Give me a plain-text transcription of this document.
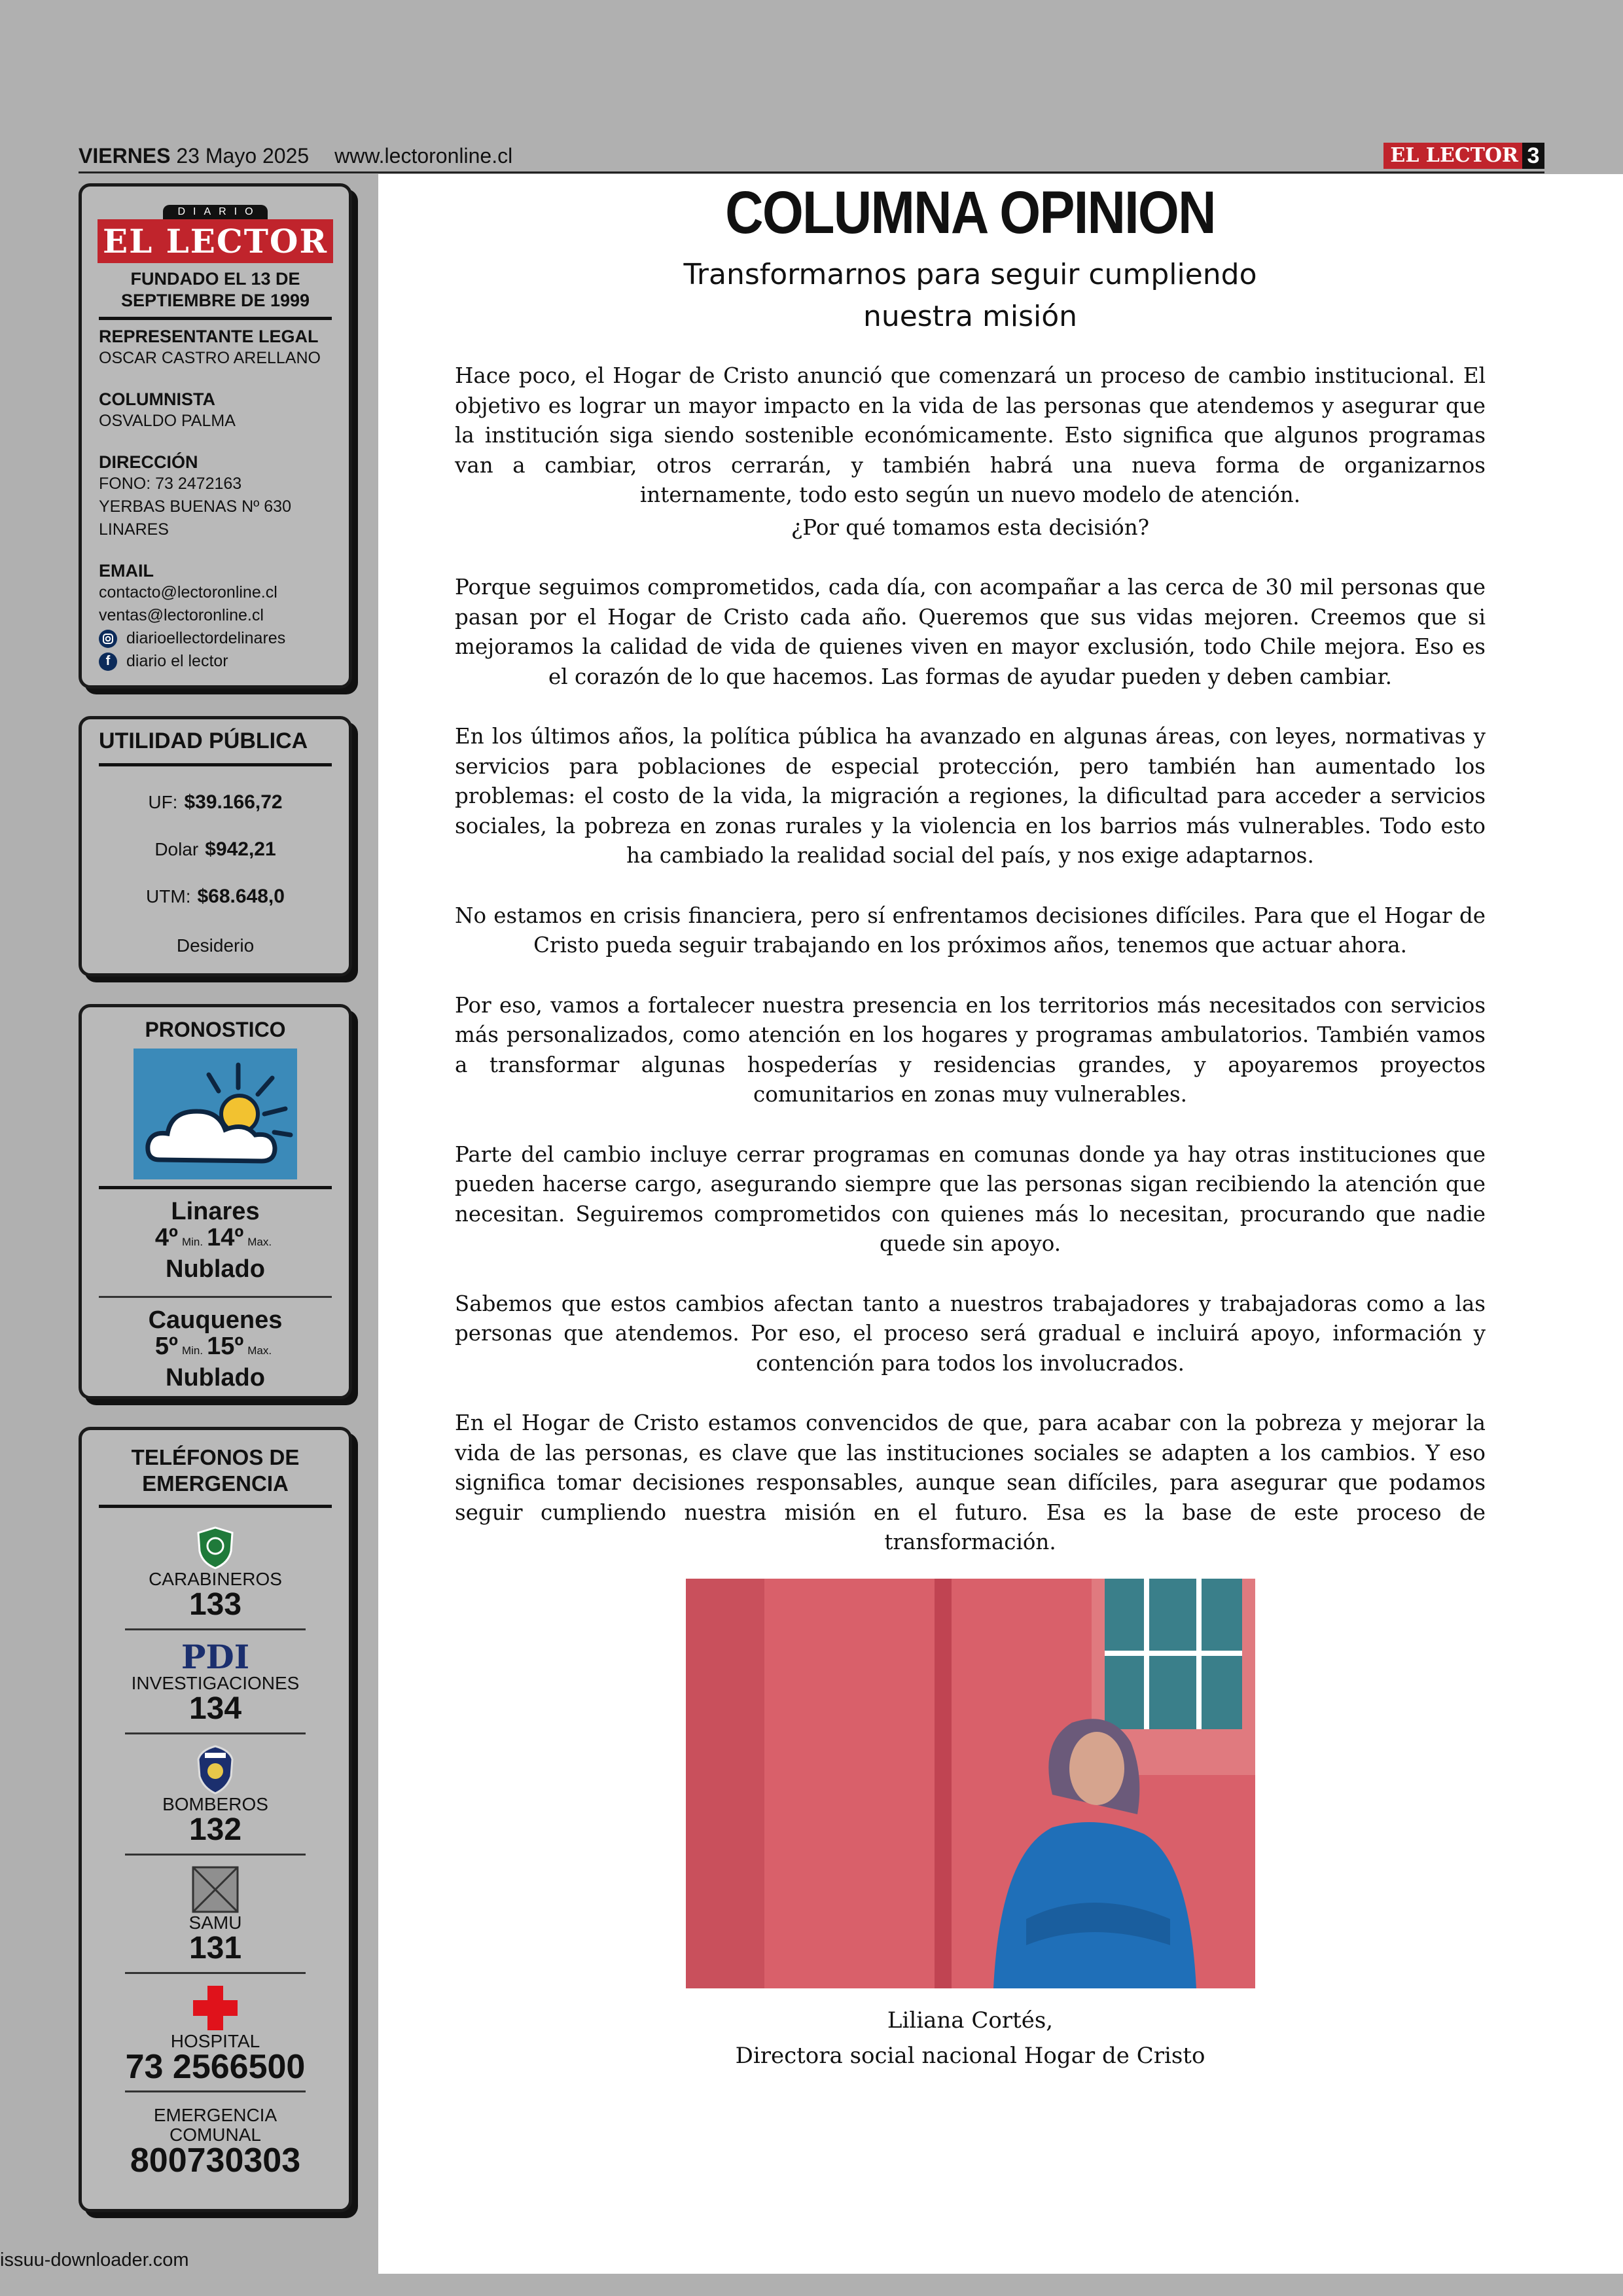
VIERNES 23 Mayo 2025 www.lectoronline.cl	EL LECTOR 3
DIARIO
EL LECTOR
FUNDADO EL 13 DE SEPTIEMBRE DE 1999
REPRESENTANTE LEGAL
OSCAR CASTRO ARELLANO
COLUMNISTA
OSVALDO PALMA
DIRECCIÓN
FONO: 73 2472163
YERBAS BUENAS Nº 630
LINARES
EMAIL
contacto@lectoronline.cl
ventas@lectoronline.cl
diarioellectordelinares
f diario el lector
UTILIDAD PÚBLICA
UF: $39.166,72
Dolar $942,21
UTM: $68.648,0
Desiderio
PRONOSTICO
Linares
4º Min. 14º Max.
Nublado
Cauquenes
5º Min. 15º Max.
Nublado
TELÉFONOS DE EMERGENCIA
CARABINEROS
133
PDI
INVESTIGACIONES
134
BOMBEROS
132
SAMU
131
HOSPITAL
73 2566500
EMERGENCIA COMUNAL
800730303
COLUMNA OPINION
Transformarnos para seguir cumpliendo
nuestra misión

Hace poco, el Hogar de Cristo anunció que comenzará un proceso de cambio institucional. El objetivo es lograr un mayor impacto en la vida de las personas que atendemos y asegurar que la institución siga siendo sostenible económicamente. Esto significa que algunos programas van a cambiar, otros cerrarán, y también habrá una nueva forma de organizarnos internamente, todo esto según un nuevo modelo de atención.

¿Por qué tomamos esta decisión?

Porque seguimos comprometidos, cada día, con acompañar a las cerca de 30 mil personas que pasan por el Hogar de Cristo cada año. Queremos que sus vidas mejoren. Creemos que si mejoramos la calidad de vida de quienes viven en mayor exclusión, todo Chile mejora. Eso es el corazón de lo que hacemos. Las formas de ayudar pueden y deben cambiar.

En los últimos años, la política pública ha avanzado en algunas áreas, con leyes, normativas y servicios para poblaciones de especial protección, pero también han aumentado los problemas: el costo de la vida, la migración a regiones, la dificultad para acceder a servicios sociales, la pobreza en zonas rurales y la violencia en los barrios más vulnerables. Todo esto ha cambiado la realidad social del país, y nos exige adaptarnos.

No estamos en crisis financiera, pero sí enfrentamos decisiones difíciles. Para que el Hogar de Cristo pueda seguir trabajando en los próximos años, tenemos que actuar ahora.

Por eso, vamos a fortalecer nuestra presencia en los territorios más necesitados con servicios más personalizados, como atención en los hogares y programas ambulatorios. También vamos a transformar algunas hospederías y residencias grandes, y apoyaremos proyectos comunitarios en zonas muy vulnerables.

Parte del cambio incluye cerrar programas en comunas donde ya hay otras instituciones que pueden hacerse cargo, asegurando siempre que las personas sigan recibiendo la atención que necesitan. Seguiremos comprometidos con quienes más lo necesitan, procurando que nadie quede sin apoyo.

Sabemos que estos cambios afectan tanto a nuestros trabajadores y trabajadoras como a las personas que atendemos. Por eso, el proceso será gradual e incluirá apoyo, información y contención para todos los involucrados.

En el Hogar de Cristo estamos convencidos de que, para acabar con la pobreza y mejorar la vida de las personas, es clave que las instituciones sociales se adapten a los cambios. Y eso significa tomar decisiones responsables, aunque sean difíciles, para asegurar que podamos seguir cumpliendo nuestra misión en el futuro. Esa es la base de este proceso de transformación.

Liliana Cortés,
Directora social nacional Hogar de Cristo
issuu-downloader.com
